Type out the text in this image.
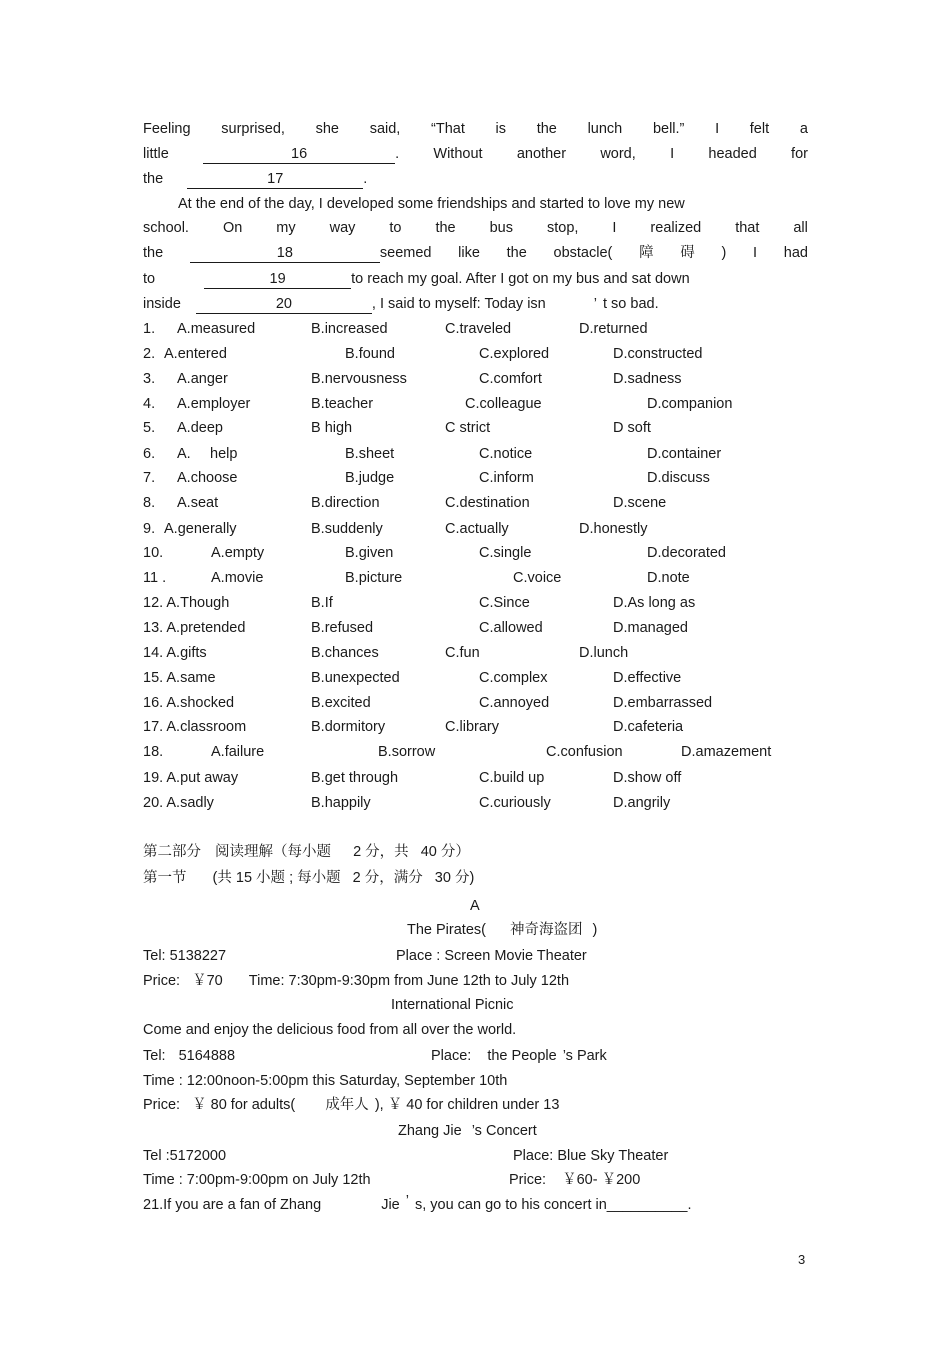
Feeling surprised, she said, “That is the lunch bell.” I felt a
little	16	. Without another word, I headed for
the	17	.
At the end of the day, I developed some friendships and started to love my new
school. On my way to the bus stop, I realized that all
the	18	seemed like the obstacle( 障 碍 ) I had
to	19	to reach my goal. After I got on my bus and sat down
inside	20	, I said to myself: Today isn	’ t so bad.
1. A.measured	B.increased	C.traveled	D.returned
2. A.entered	B.found	C.explored	D.constructed
3. A.anger	B.nervousness	C.comfort	D.sadness
4. A.employer	B.teacher	C.colleague	D.companion
5. A.deep	B high	C strict	D soft
6. A. help	B.sheet	C.notice	D.container
7. A.choose	B.judge	C.inform	D.discuss
8. A.seat	B.direction	C.destination	D.scene
9. A.generally	B.suddenly	C.actually	D.honestly
10.	A.empty	B.given	C.single	D.decorated
11 .	A.movie	B.picture	C.voice	D.note
12. A.Though	B.If	C.Since	D.As long as
13. A.pretended	B.refused	C.allowed	D.managed
14. A.gifts	B.chances	C.fun	D.lunch
15. A.same	B.unexpected	C.complex	D.effective
16. A.shocked	B.excited	C.annoyed	D.embarrassed
17. A.classroom	B.dormitory	C.library	D.cafeteria
18.	A.failure	B.sorrow	C.confusion	D.amazement
19. A.put away	B.get through	C.build up	D.show off
20. A.sadly	B.happily	C.curiously	D.angrily
第二部分 阅读理解（每小题 2 分，共 40 分）
第一节 (共 15 小题 ; 每小题 2 分，满分 30 分)
A
The Pirates( 神奇海盗团 )
Tel: 5138227	Place : Screen Movie Theater
Price: ￥70 Time: 7:30pm-9:30pm from June 12th to July 12th
International Picnic
Come and enjoy the delicious food from all over the world.
Tel: 5164888	Place: the People ’s Park
Time : 12:00noon-5:00pm this Saturday, September 10th
Price: ￥ 80 for adults( 成年人 ), ￥ 40 for children under 13
Zhang Jie ’s Concert
Tel :5172000	Place: Blue Sky Theater
Time : 7:00pm-9:00pm on July 12th	Price: ￥60- ￥200
21.If you are a fan of Zhang	Jie ’ s, you can go to his concert in__________.
3
